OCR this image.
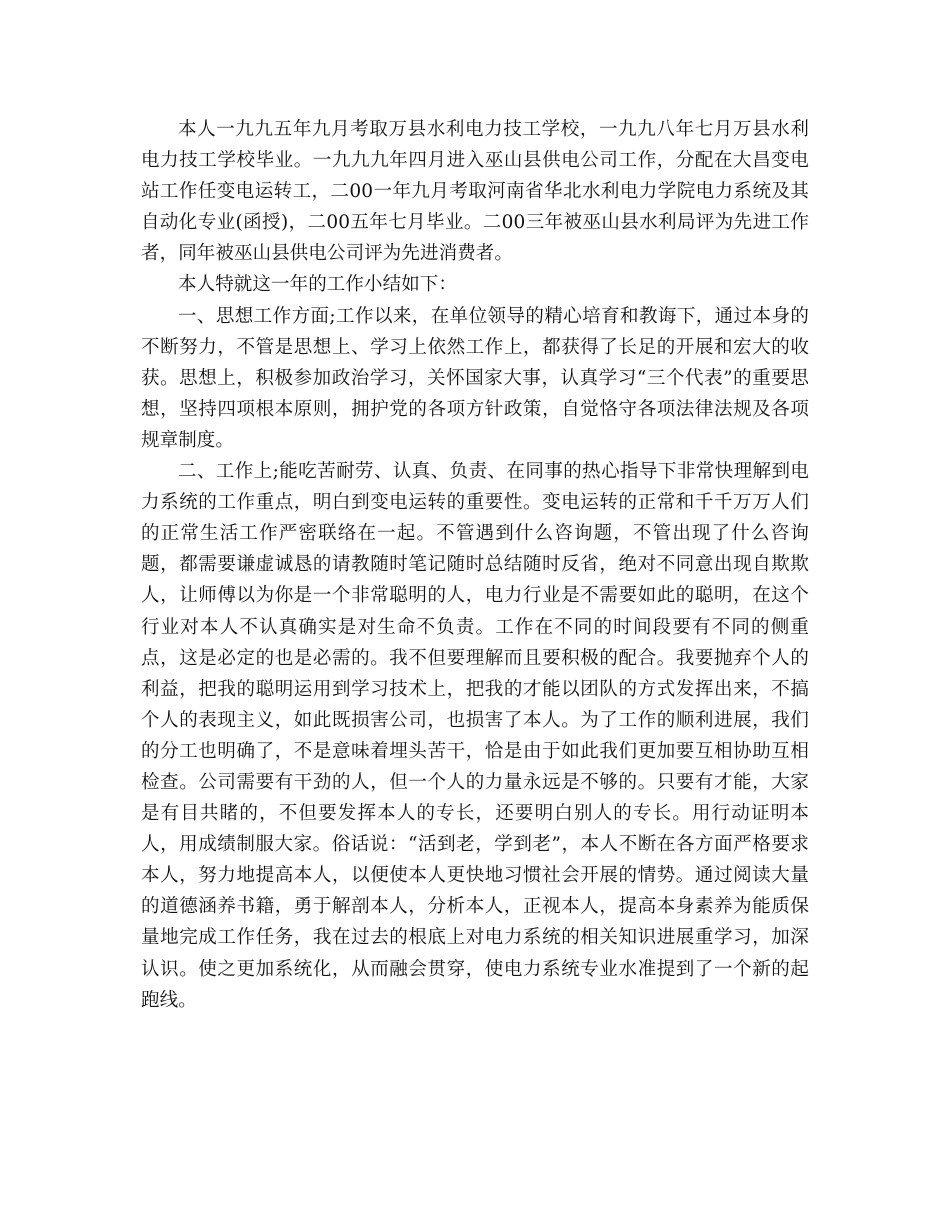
本人一九九五年九月考取万县水利电力技工学校，一九九八年七月万县水利电力技工学校毕业。一九九九年四月进入巫山县供电公司工作，分配在大昌变电站工作任变电运转工，二00一年九月考取河南省华北水利电力学院电力系统及其自动化专业(函授)，二00五年七月毕业。二00三年被巫山县水利局评为先进工作者，同年被巫山县供电公司评为先进消费者。

本人特就这一年的工作小结如下：

一、思想工作方面;工作以来，在单位领导的精心培育和教诲下，通过本身的不断努力，不管是思想上、学习上依然工作上，都获得了长足的开展和宏大的收获。思想上，积极参加政治学习，关怀国家大事，认真学习“三个代表”的重要思想，坚持四项根本原则，拥护党的各项方针政策，自觉恪守各项法律法规及各项规章制度。

二、工作上;能吃苦耐劳、认真、负责、在同事的热心指导下非常快理解到电力系统的工作重点，明白到变电运转的重要性。变电运转的正常和千千万万人们的正常生活工作严密联络在一起。不管遇到什么咨询题，不管出现了什么咨询题，都需要谦虚诚恳的请教随时笔记随时总结随时反省，绝对不同意出现自欺欺人，让师傅以为你是一个非常聪明的人，电力行业是不需要如此的聪明，在这个行业对本人不认真确实是对生命不负责。工作在不同的时间段要有不同的侧重点，这是必定的也是必需的。我不但要理解而且要积极的配合。我要抛弃个人的利益，把我的聪明运用到学习技术上，把我的才能以团队的方式发挥出来，不搞个人的表现主义，如此既损害公司，也损害了本人。为了工作的顺利进展，我们的分工也明确了，不是意味着埋头苦干，恰是由于如此我们更加要互相协助互相检查。公司需要有干劲的人，但一个人的力量永远是不够的。只要有才能，大家是有目共睹的，不但要发挥本人的专长，还要明白别人的专长。用行动证明本人，用成绩制服大家。俗话说：“活到老，学到老”，本人不断在各方面严格要求本人，努力地提高本人，以便使本人更快地习惯社会开展的情势。通过阅读大量的道德涵养书籍，勇于解剖本人，分析本人，正视本人，提高本身素养为能质保量地完成工作任务，我在过去的根底上对电力系统的相关知识进展重学习，加深认识。使之更加系统化，从而融会贯穿，使电力系统专业水准提到了一个新的起跑线。
